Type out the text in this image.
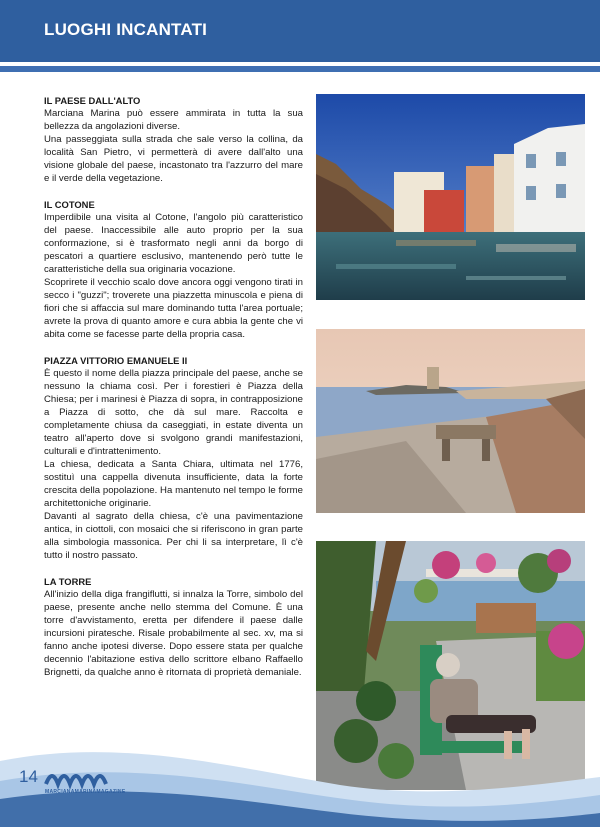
LUOGHI INCANTATI
IL PAESE DALL'ALTO

Marciana Marina può essere ammirata in tutta la sua bellezza da angolazioni diverse.

Una passeggiata sulla strada che sale verso la collina, da località San Pietro, vi permetterà di avere dall'alto una visione globale del paese, incastonato tra l'azzurro del mare e il verde della vegetazione.

IL COTONE

Imperdibile una visita al Cotone, l'angolo più caratteristico del paese. Inaccessibile alle auto proprio per la sua conformazione, si è trasformato negli anni da borgo di pescatori a quartiere esclusivo, mantenendo però tutte le caratteristiche della sua originaria vocazione.

Scoprirete il vecchio scalo dove ancora oggi vengono tirati in secco i "guzzi"; troverete una piazzetta minuscola e piena di fiori che si affaccia sul mare dominando tutta l'area portuale; avrete la prova di quanto amore e cura abbia la gente che vi abita come se facesse parte della propria casa.

PIAZZA VITTORIO EMANUELE II

È questo il nome della piazza principale del paese, anche se nessuno la chiama così. Per i forestieri è Piazza della Chiesa; per i marinesi è Piazza di sopra, in contrapposizione a Piazza di sotto, che dà sul mare. Raccolta e completamente chiusa da caseggiati, in estate diventa un teatro all'aperto dove si svolgono grandi manifestazioni, culturali e d'intrattenimento.

La chiesa, dedicata a Santa Chiara, ultimata nel 1776, sostituì una cappella divenuta insufficiente, data la forte crescita della popolazione. Ha mantenuto nel tempo le forme architettoniche originarie.

Davanti al sagrato della chiesa, c'è una pavimentazione antica, in ciottoli, con mosaici che si riferiscono in gran parte alla simbologia massonica. Per chi li sa interpretare, lì c'è tutto il nostro passato.

LA TORRE

All'inizio della diga frangiflutti, si innalza la Torre, simbolo del paese, presente anche nello stemma del Comune. È una torre d'avvistamento, eretta per difendere il paese dalle incursioni piratesche. Risale probabilmente al sec. xv, ma si fanno anche ipotesi diverse. Dopo essere stata per qualche decennio l'abitazione estiva dello scrittore elbano Raffaello Brignetti, da qualche anno è ritornata di proprietà demaniale.

14
MARCIANAMARINAMAGAZINE
